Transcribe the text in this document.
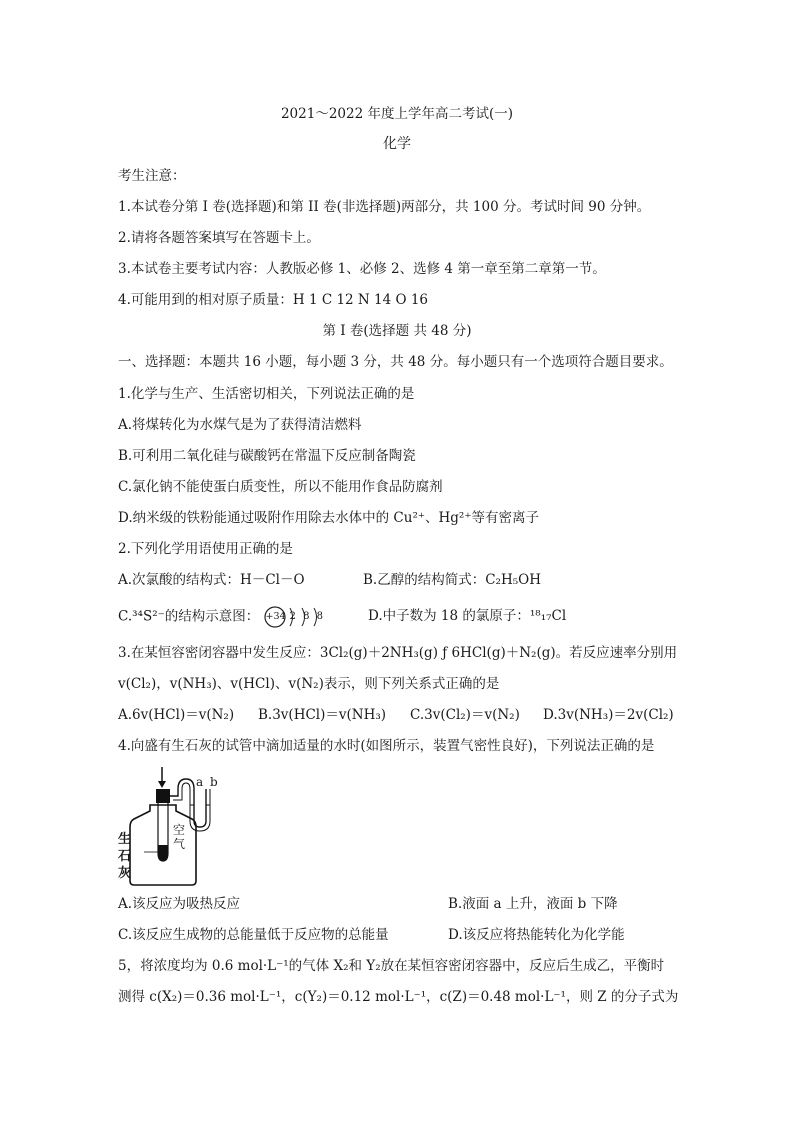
2021～2022 年度上学年高二考试(一)
化学
考生注意：
1.本试卷分第 I 卷(选择题)和第 II 卷(非选择题)两部分，共 100 分。考试时间 90 分钟。
2.请将各题答案填写在答题卡上。
3.本试卷主要考试内容：人教版必修 1、必修 2、选修 4 第一章至第二章第一节。
4.可能用到的相对原子质量：H 1 C 12 N 14 O 16
第 I 卷(选择题 共 48 分)
一、选择题：本题共 16 小题，每小题 3 分，共 48 分。每小题只有一个选项符合题目要求。
1.化学与生产、生活密切相关，下列说法正确的是
A.将煤转化为水煤气是为了获得清洁燃料
B.可利用二氧化硅与碳酸钙在常温下反应制备陶瓷
C.氯化钠不能使蛋白质变性，所以不能用作食品防腐剂
D.纳米级的铁粉能通过吸附作用除去水体中的 Cu²⁺、Hg²⁺等有密离子
2.下列化学用语使用正确的是
A.次氯酸的结构式：H－Cl－O	B.乙醇的结构简式：C₂H₅OH
C.³⁴S²⁻的结构示意图： +34 2 8 8	D.中子数为 18 的氯原子：¹⁸₁₇Cl
3.在某恒容密闭容器中发生反应：3Cl₂(g)＋2NH₃(g) ƒ 6HCl(g)＋N₂(g)。若反应速率分别用
v(Cl₂)，v(NH₃)、v(HCl)、v(N₂)表示，则下列关系式正确的是
A.6v(HCl)＝v(N₂) B.3v(HCl)＝v(NH₃) C.3v(Cl₂)＝v(N₂) D.3v(NH₃)＝2v(Cl₂)
4.向盛有生石灰的试管中滴加适量的水时(如图所示，装置气密性良好)，下列说法正确的是
a b
空气
生石灰
A.该反应为吸热反应	B.液面 a 上升，液面 b 下降
C.该反应生成物的总能量低于反应物的总能量	D.该反应将热能转化为化学能
5，将浓度均为 0.6 mol·L⁻¹的气体 X₂和 Y₂放在某恒容密闭容器中，反应后生成乙，平衡时
测得 c(X₂)＝0.36 mol·L⁻¹，c(Y₂)＝0.12 mol·L⁻¹，c(Z)＝0.48 mol·L⁻¹，则 Z 的分子式为
